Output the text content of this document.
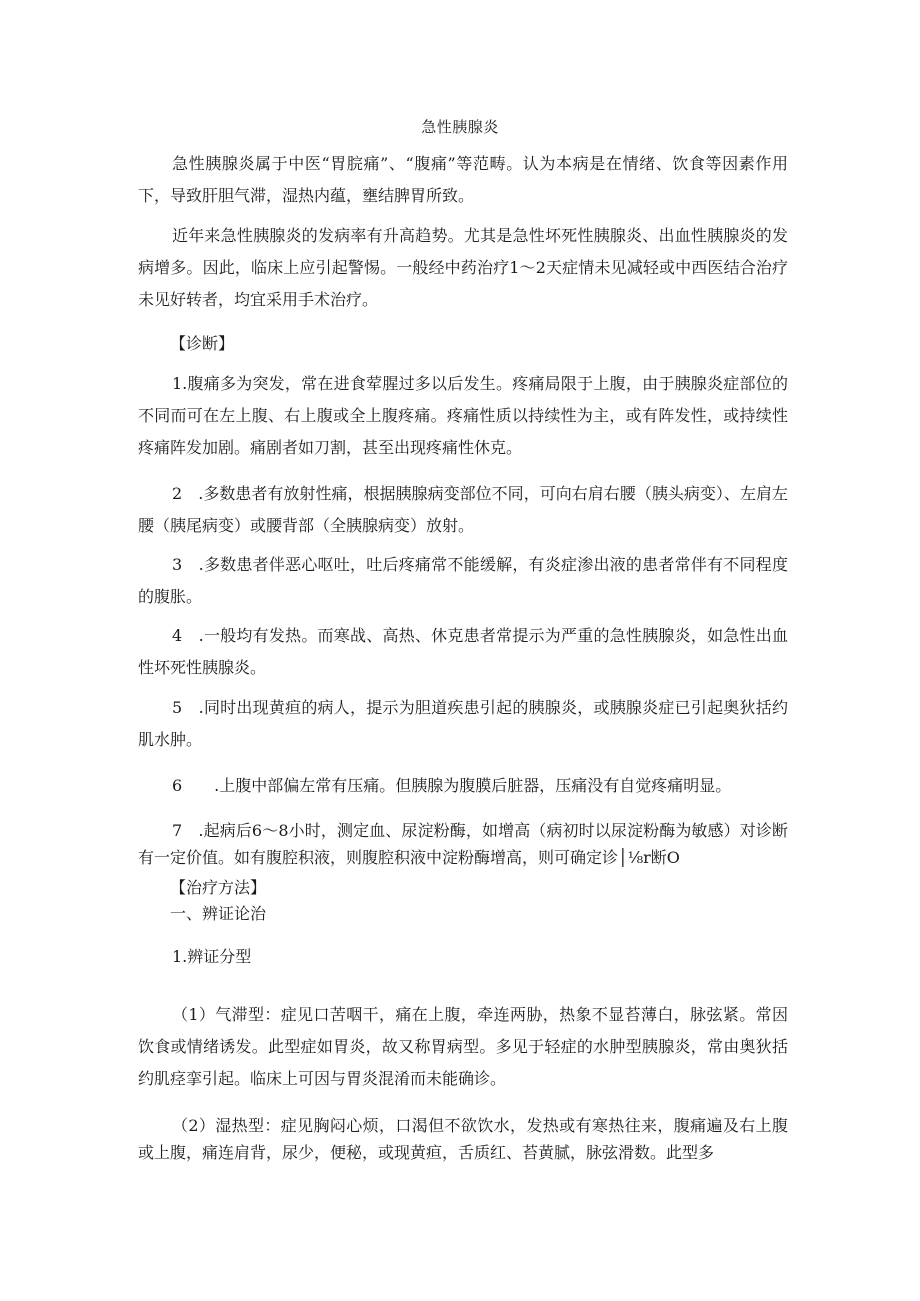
急性胰腺炎
急性胰腺炎属于中医“胃脘痛”、“腹痛”等范畴。认为本病是在情绪、饮食等因素作用下，导致肝胆气滞，湿热内蕴，壅结脾胃所致。
近年来急性胰腺炎的发病率有升高趋势。尤其是急性坏死性胰腺炎、出血性胰腺炎的发病增多。因此，临床上应引起警惕。一般经中药治疗1～2天症情未见减轻或中西医结合治疗未见好转者，均宜采用手术治疗。
【诊断】
1.腹痛多为突发，常在进食荤腥过多以后发生。疼痛局限于上腹，由于胰腺炎症部位的不同而可在左上腹、右上腹或全上腹疼痛。疼痛性质以持续性为主，或有阵发性，或持续性疼痛阵发加剧。痛剧者如刀割，甚至出现疼痛性休克。
2　.多数患者有放射性痛，根据胰腺病变部位不同，可向右肩右腰（胰头病变）、左肩左腰（胰尾病变）或腰背部（全胰腺病变）放射。
3　.多数患者伴恶心呕吐，吐后疼痛常不能缓解，有炎症渗出液的患者常伴有不同程度的腹胀。
4　.一般均有发热。而寒战、高热、休克患者常提示为严重的急性胰腺炎，如急性出血性坏死性胰腺炎。
5　.同时出现黄疸的病人，提示为胆道疾患引起的胰腺炎，或胰腺炎症已引起奥狄括约肌水肿。
6　　.上腹中部偏左常有压痛。但胰腺为腹膜后脏器，压痛没有自觉疼痛明显。
7　.起病后6～8小时，测定血、尿淀粉酶，如增高（病初时以尿淀粉酶为敏感）对诊断有一定价值。如有腹腔积液，则腹腔积液中淀粉酶增高，则可确定诊│⅛r断O
【治疗方法】
一、辨证论治
1.辨证分型
（1）气滞型：症见口苦咽干，痛在上腹，牵连两胁，热象不显苔薄白，脉弦紧。常因饮食或情绪诱发。此型症如胃炎，故又称胃病型。多见于轻症的水肿型胰腺炎，常由奥狄括约肌痉挛引起。临床上可因与胃炎混淆而未能确诊。
（2）湿热型：症见胸闷心烦，口渴但不欲饮水，发热或有寒热往来，腹痛遍及右上腹或上腹，痛连肩背，尿少，便秘，或现黄疸，舌质红、苔黄腻，脉弦滑数。此型多
